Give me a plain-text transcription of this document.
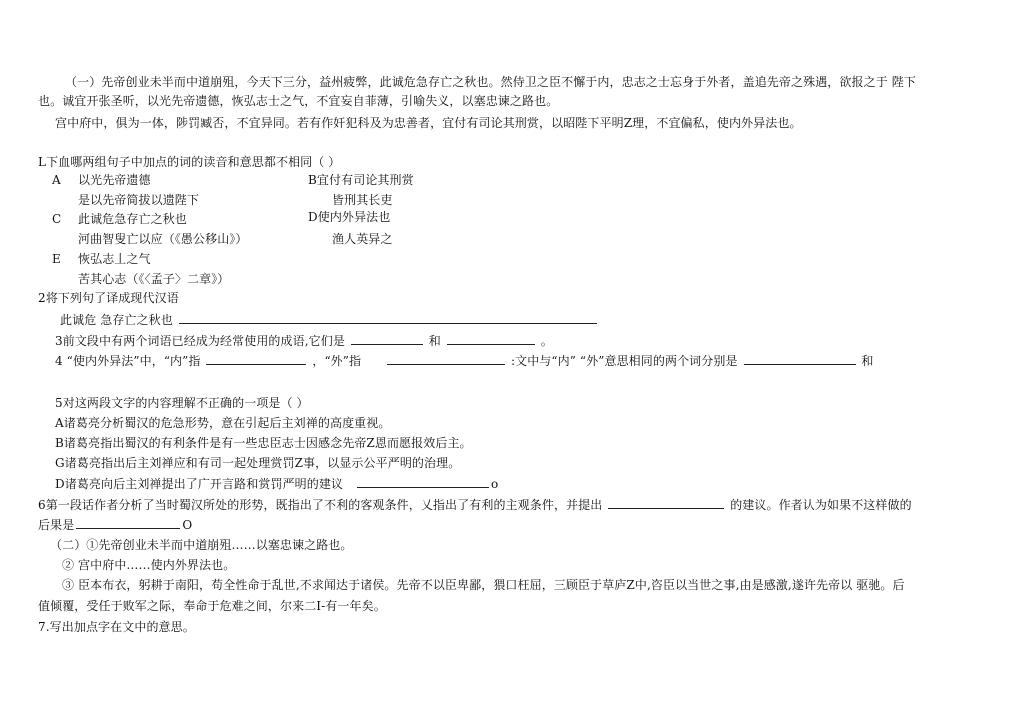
（一）先帝创业未半而中道崩殂，今天下三分，益州疲弊，此诚危急存亡之秋也。然侍卫之臣不懈于内，忠志之士忘身于外者，盖追先帝之殊遇，欲报之于 陛下
也。诚宜开张圣听，以光先帝遗德，恢弘志士之气，不宜妄自菲薄，引喻失义，以塞忠谏之路也。
宫中府中，俱为一体，陟罚臧否，不宜异同。若有作奸犯科及为忠善者，宜付有司论其刑赏，以昭陛下平明Z理，不宜偏私，使内外异法也。
L下血哪两组句子中加点的词的读音和意思都不相同（ ）
A 以光先帝遗德	B宜付有司论其刑赏
是以先帝简拔以遗陛下	皆刑其长吏
C 此诚危急存亡之秋也	D使内外异法也
河曲智叟亡以应（《愚公移山》）	渔人英异之
E 恢弘志丄之气
苦其心志（《〈孟子〉二章》）
2将下列句了译成现代汉语
此诚危 急存亡之秋也
3前文段中有两个词语已经成为经常使用的成语,它们是	和	。
4 “使内外异法”中，“内”指	，“外”指	:文中与“内” “外”意思相同的两个词分别是	和
5对这两段文字的内容理解不正确的一项是（ ）
A诸葛亮分析蜀汉的危急形势，意在引起后主刘禅的高度重视。
B诸葛亮指出蜀汉的有利条件是有一些忠臣志士因感念先帝Z恩而愿报效后主。
G诸葛亮指出后主刘禅应和有司一起处理赏罚Z事，以显示公平严明的治理。
D诸葛亮向后主刘禅提出了广开言路和赏罚严明的建议	o
6第一段话作者分析了当时蜀汉所处的形势，既指出了不利的客观条件，乂指出了有利的主观条件，并提出	的建议。作者认为如果不这样做的
后果是	O
（二）①先帝创业未半而中道崩殂……以塞忠谏之路也。
② 宫中府中……使内外界法也。
③ 臣本布衣，躬耕于南阳，苟全性命于乱世,不求闻达于诸侯。先帝不以臣卑鄙，猥口枉屈，三顾臣于草庐Z中,咨臣以当世之事,由是感激,遂许先帝以 驱驰。后
值倾覆，受任于败军之际，奉命于危难之间，尔来二I-有一年矣。
7.写出加点字在文中的意思。
